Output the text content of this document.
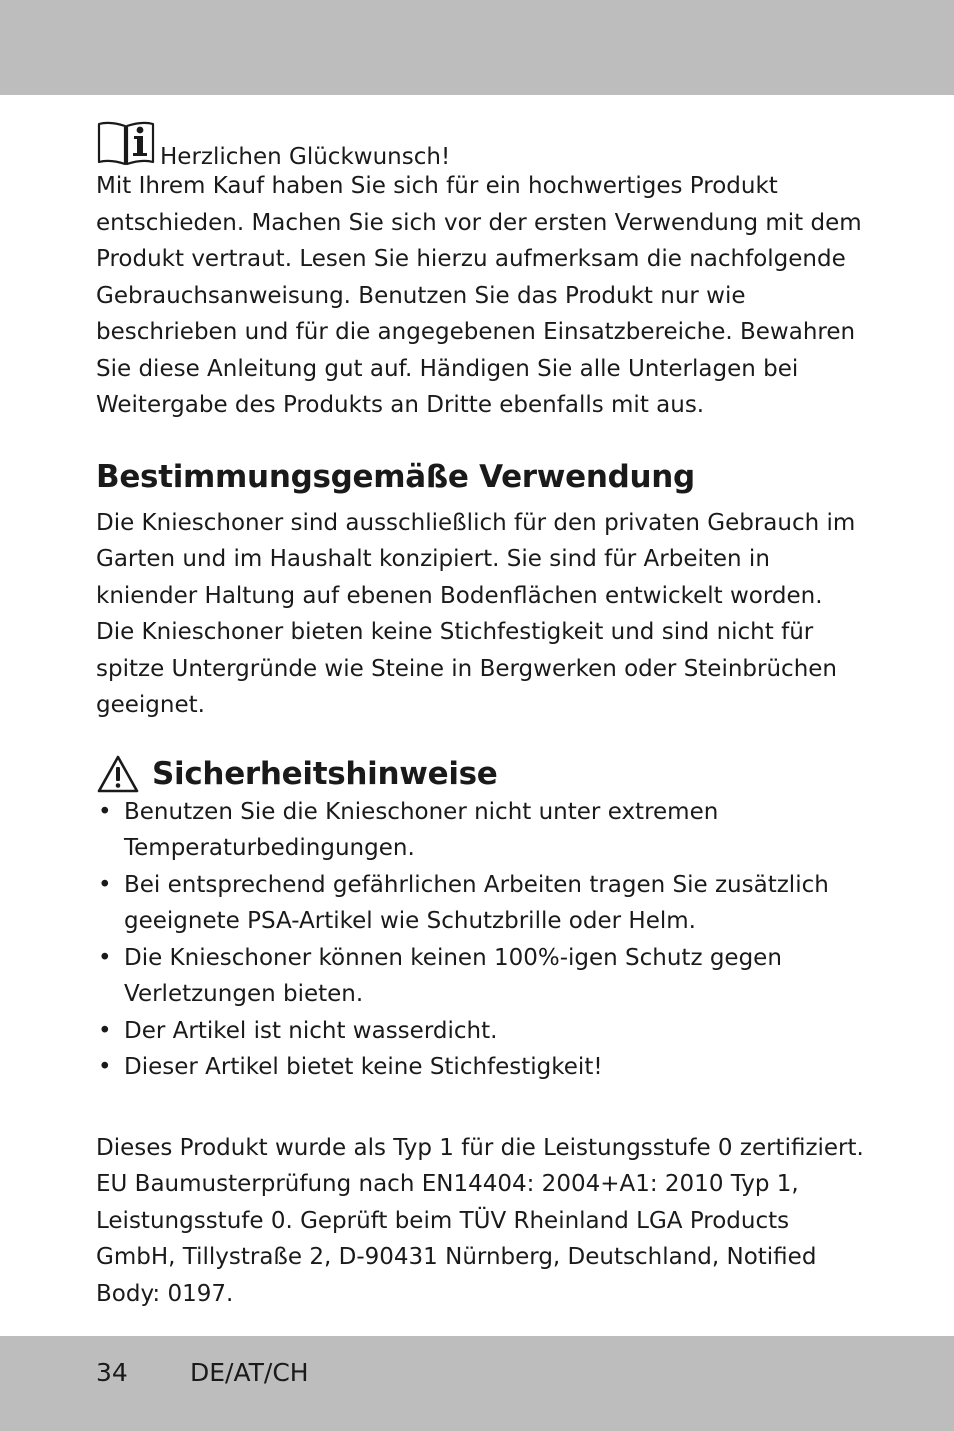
Herzlichen Glückwunsch!

Mit Ihrem Kauf haben Sie sich für ein hochwertiges Produkt entschieden. Machen Sie sich vor der ersten Verwendung mit dem Produkt vertraut. Lesen Sie hierzu aufmerksam die nachfolgende Gebrauchsanweisung. Benutzen Sie das Produkt nur wie beschrieben und für die angegebenen Einsatzbereiche. Bewahren Sie diese Anleitung gut auf. Händigen Sie alle Unterlagen bei Weitergabe des Produkts an Dritte ebenfalls mit aus.

Bestimmungsgemäße Verwendung

Die Knieschoner sind ausschließlich für den privaten Gebrauch im Garten und im Haushalt konzipiert. Sie sind für Arbeiten in kniender Haltung auf ebenen Bodenflächen entwickelt worden. Die Knieschoner bieten keine Stichfestigkeit und sind nicht für spitze Untergründe wie Steine in Bergwerken oder Steinbrüchen geeignet.

Sicherheitshinweise
• Benutzen Sie die Knieschoner nicht unter extremen Temperaturbedingungen.
• Bei entsprechend gefährlichen Arbeiten tragen Sie zusätzlich geeignete PSA-Artikel wie Schutzbrille oder Helm.
• Die Knieschoner können keinen 100%-igen Schutz gegen Verletzungen bieten.
• Der Artikel ist nicht wasserdicht.
• Dieser Artikel bietet keine Stichfestigkeit!

Dieses Produkt wurde als Typ 1 für die Leistungsstufe 0 zertifiziert. EU Baumusterprüfung nach EN14404: 2004+A1: 2010 Typ 1, Leistungsstufe 0. Geprüft beim TÜV Rheinland LGA Products GmbH, Tillystraße 2, D-90431 Nürnberg, Deutschland, Notified Body: 0197.

34 DE/AT/CH
